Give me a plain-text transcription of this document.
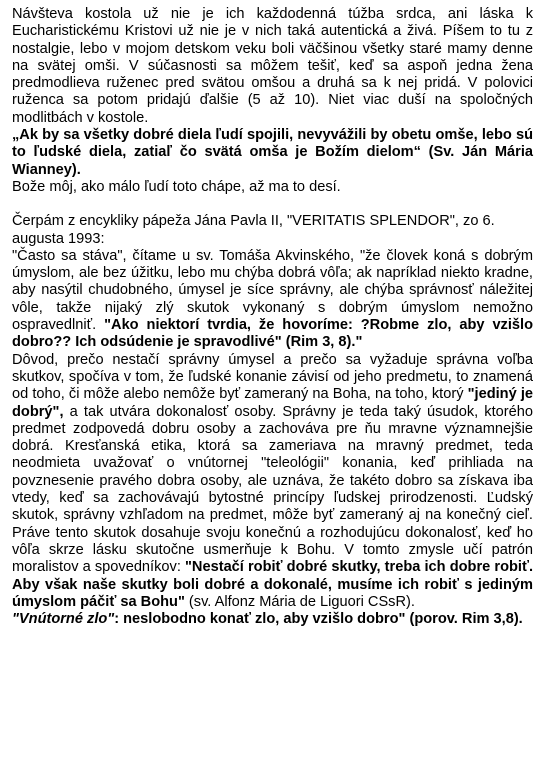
Návšteva kostola už nie je ich každodenná túžba srdca, ani láska k Eucharistickému Kristovi už nie je v nich taká autentická a živá. Píšem to tu z nostalgie, lebo v mojom detskom veku boli väčšinou všetky staré mamy denne na svätej omši. V súčasnosti sa môžem tešiť, keď sa aspoň jedna žena predmodlieva ruženec pred svätou omšou a druhá sa k nej pridá. V polovici ruženca sa potom pridajú ďalšie (5 až 10). Niet viac duší na spoločných modlitbách v kostole.

„Ak by sa všetky dobré diela ľudí spojili, nevyvážili by obetu omše, lebo sú to ľudské diela, zatiaľ čo svätá omša je Božím dielom“ (Sv. Ján Mária Wianney).

Bože môj, ako málo ľudí toto chápe, až ma to desí.

Čerpám z encykliky pápeža Jána Pavla II, "VERITATIS SPLENDOR", zo 6. augusta 1993:

"Často sa stáva", čítame u sv. Tomáša Akvinského, "že človek koná s dobrým úmyslom, ale bez úžitku, lebo mu chýba dobrá vôľa; ak napríklad niekto kradne, aby nasýtil chudobného, úmysel je síce správny, ale chýba správnosť náležitej vôle, takže nijaký zlý skutok vykonaný s dobrým úmyslom nemožno ospravedlniť. "Ako niektorí tvrdia, že hovoríme: ?Robme zlo, aby vzišlo dobro?? Ich odsúdenie je spravodlivé" (Rim 3, 8)."

Dôvod, prečo nestačí správny úmysel a prečo sa vyžaduje správna voľba skutkov, spočíva v tom, že ľudské konanie závisí od jeho predmetu, to znamená od toho, či môže alebo nemôže byť zameraný na Boha, na toho, ktorý "jediný je dobrý", a tak utvára dokonalosť osoby. Správny je teda taký úsudok, ktorého predmet zodpovedá dobru osoby a zachováva pre ňu mravne významnejšie dobrá. Kresťanská etika, ktorá sa zameriava na mravný predmet, teda neodmieta uvažovať o vnútornej "teleológii" konania, keď prihliada na povznesenie pravého dobra osoby, ale uznáva, že takéto dobro sa získava iba vtedy, keď sa zachovávajú bytostné princípy ľudskej prirodzenosti. Ľudský skutok, správny vzhľadom na predmet, môže byť zameraný aj na konečný cieľ. Práve tento skutok dosahuje svoju konečnú a rozhodujúcu dokonalosť, keď ho vôľa skrze lásku skutočne usmerňuje k Bohu. V tomto zmysle učí patrón moralistov a spovedníkov: "Nestačí robiť dobré skutky, treba ich dobre robiť. Aby však naše skutky boli dobré a dokonalé, musíme ich robiť s jediným úmyslom páčiť sa Bohu" (sv. Alfonz Mária de Liguori CSsR).

"Vnútorné zlo": neslobodno konať zlo, aby vzišlo dobro" (porov. Rim 3,8).
